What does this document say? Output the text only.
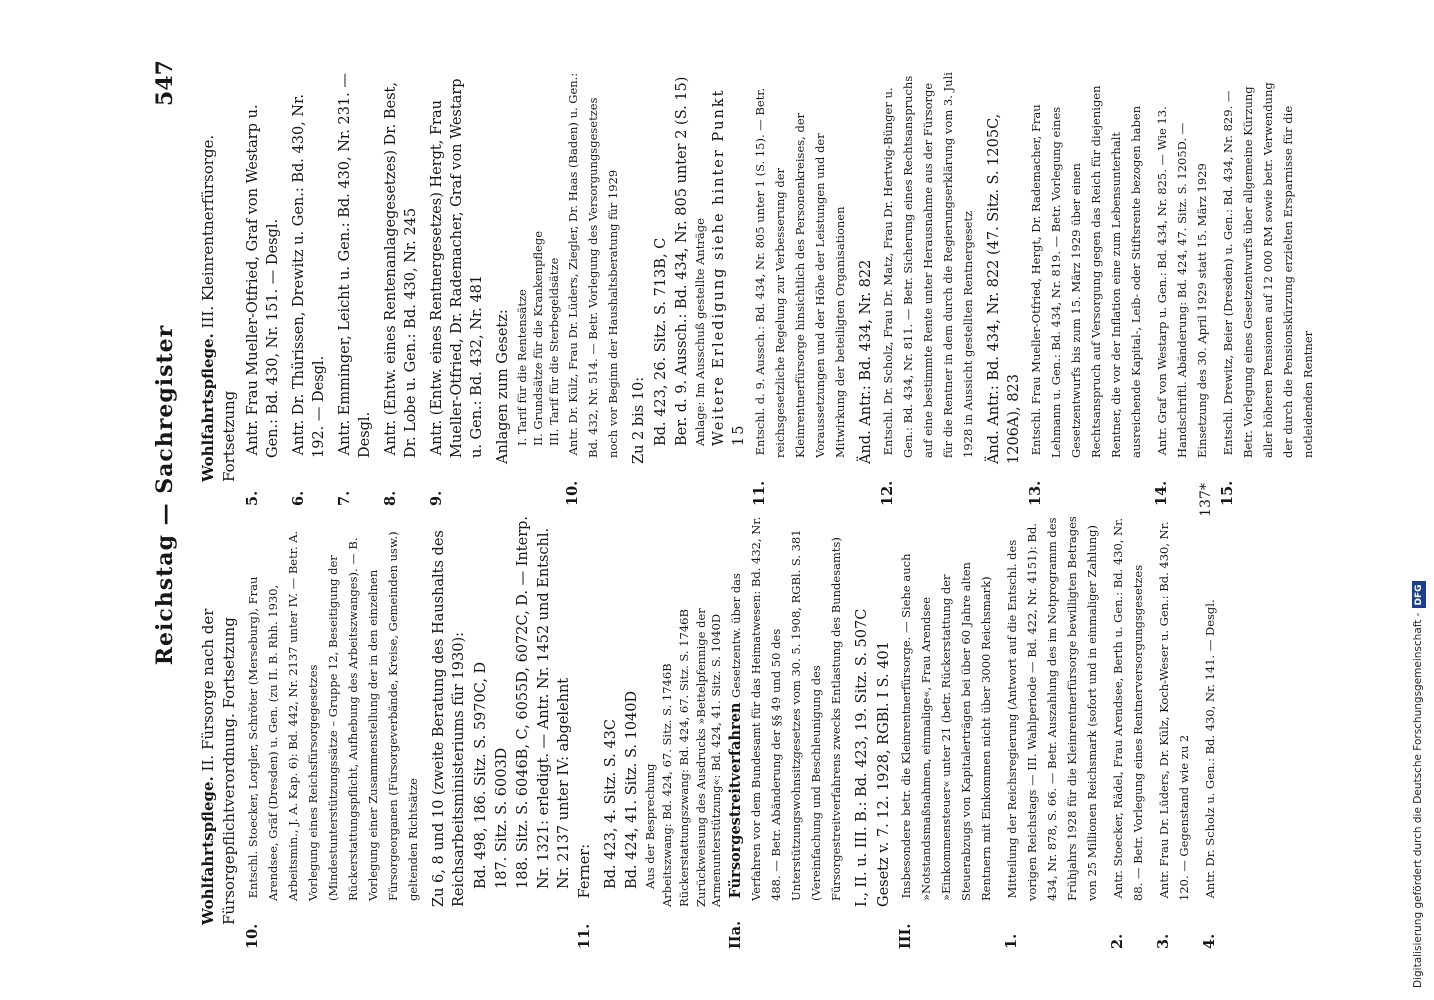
Reichstag — Sachregister
547
Wohlfahrtspflege. II. Fürsorge nach der Fürsorgepflichtverordnung. Fortsetzung
10. Entschl. Stoecker, Lorgler, Schröter (Merseburg), Frau Arendsee, Gräf (Dresden) u. Gen. (zu II. B. Rhh. 1930, Arbeitsmin., J. A. Kap. 6): Bd. 442, Nr. 2137 unter IV. — Betr. A. Vorlegung eines Reichsfürsorgegesetzes (Mindestunterstützungssätze – Gruppe 12, Beseitigung der Rückerstattungspflicht, Aufhebung des Arbeitszwanges). — B. Vorlegung einer Zusammenstellung der in den einzelnen Fürsorgeorganen (Fürsorgeverbände, Kreise, Gemeinden usw.) geltenden Richtsätze Zu 6, 8 und 10 (zweite Beratung des Haushalts des Reichsarbeitsministeriums für 1930): Bd. 498, 186. Sitz. S. 5970C, D 187. Sitz. S. 6003D 188. Sitz. S. 6046B, C, 6055D, 6072C, D. — Interp. Nr. 1321: erledigt. — Antr. Nr. 1452 und Entschl. Nr. 2137 unter IV: abgelehnt
11. Ferner: Bd. 423, 4. Sitz. S. 43C Bd. 424, 41. Sitz. S. 1040D Aus der Besprechung Arbeitszwang: Bd. 424, 67. Sitz. S. 1746B Rückerstattungszwang: Bd. 424, 67. Sitz. S. 1746B Zurückweisung des Ausdrucks »Bettelpfennige der Armenunterstützung«: Bd. 424, 41. Sitz. S. 1040D
IIa. Fürsorgestreitverfahren Gesetzentw. über das Verfahren vor dem Bundesamt für das Heimatwesen: Bd. 432, Nr. 488. — Betr. Abänderung der §§ 49 und 50 des Unterstützungswohnsitzgesetzes vom 30. 5. 1908, RGBl. S. 381 (Vereinfachung und Beschleunigung des Fürsorgestreitverfahrens zwecks Entlastung des Bundesamts) I., II. u. III. B.: Bd. 423, 19. Sitz. S. 507C Gesetz v. 7. 12. 1928, RGBl. I S. 401
III. Insbesondere betr. die Kleinrentnerfürsorge. — Siehe auch »Notstandsmaßnahmen, einmalige«, Frau Arendsee »Einkommensteuer« unter 21 (betr. Rückerstattung der Steuerabzugs von Kapitalerträgen bei über 60 Jahre alten Rentnern mit Einkommen nicht über 3000 Reichsmark)
1. Mitteilung der Reichsregierung (Antwort auf die Entschl. des vorigen Reichstags — III. Wahlperiode — Bd. 422, Nr. 4151): Bd. 434, Nr. 878, S. 66. — Betr. Auszahlung des im Notprogramm des Frühjahrs 1928 für die Kleinrentnerfürsorge bewilligten Betrages von 25 Millionen Reichsmark (sofort und in einmaliger Zahlung)
2. Antr. Stoecker, Rädel, Frau Arendsee, Berth u. Gen.: Bd. 430, Nr. 88. — Betr. Vorlegung eines Rentnerversorgungsgesetzes
3. Antr. Frau Dr. Lüders, Dr. Külz, Koch-Weser u. Gen.: Bd. 430, Nr. 120. — Gegenstand wie zu 2
4. Antr. Dr. Scholz u. Gen.: Bd. 430, Nr. 141. — Desgl.
Wohlfahrtspflege. III. Kleinrentnerfürsorge. Fortsetzung
5. Antr. Frau Mueller-Otfried, Graf von Westarp u. Gen.: Bd. 430, Nr. 151. — Desgl.
6. Antr. Dr. Thürissen, Drewitz u. Gen.: Bd. 430, Nr. 192. — Desgl.
7. Antr. Emminger, Leicht u. Gen.: Bd. 430, Nr. 231. — Desgl.
8. Antr. (Entw. eines Rentenanlagegesetzes) Dr. Best, Dr. Lobe u. Gen.: Bd. 430, Nr. 245
9. Antr. (Entw. eines Rentnergesetzes) Hergt, Frau Mueller-Otfried, Dr. Rademacher, Graf von Westarp u. Gen.: Bd. 432, Nr. 481 Anlagen zum Gesetz: I. Tarif für die Rentensätze II. Grundsätze für die Krankenpflege III. Tarif für die Sterbegeldsätze
10. Antr. Dr. Külz, Frau Dr. Lüders, Ziegler, Dr. Haas (Baden) u. Gen.: Bd. 432, Nr. 514. — Betr. Vorlegung des Versorgungsgesetzes noch vor Beginn der Haushaltsberatung für 1929 Zu 2 bis 10: Bd. 423, 26. Sitz. S. 713B, C Ber. d. 9. Aussch.: Bd. 434, Nr. 805 unter 2 (S. 15) Anlage: Im Ausschuß gestellte Anträge Weitere Erledigung siehe hinter Punkt 15
11. Entschl. d. 9. Aussch.: Bd. 434, Nr. 805 unter 1 (S. 15). — Betr. reichsgesetzliche Regelung zur Verbesserung der Kleinrentnerfürsorge hinsichtlich des Personenkreises, der Voraussetzungen und der Höhe der Leistungen und der Mitwirkung der beteiligten Organisationen Änd. Antr.: Bd. 434, Nr. 822
12. Entschl. Dr. Scholz, Frau Dr. Matz, Frau Dr. Hertwig-Bünger u. Gen.: Bd. 434, Nr. 811. — Betr. Sicherung eines Rechtsanspruchs auf eine bestimmte Rente unter Herausnahme aus der Fürsorge für die Rentner in dem durch die Regierungserklärung vom 3. Juli 1928 in Aussicht gestellten Rentnergesetz Änd. Antr.: Bd. 434, Nr. 822 (47. Sitz. S. 1205C, 1206A), 823
13. Entschl. Frau Mueller-Otfried, Hergt, Dr. Rademacher, Frau Lehmann u. Gen.: Bd. 434, Nr. 819. — Betr. Vorlegung eines Gesetzentwurfs bis zum 15. März 1929 über einen Rechtsanspruch auf Versorgung gegen das Reich für diejenigen Rentner, die vor der Inflation eine zum Lebensunterhalt ausreichende Kapital-, Leib- oder Stiftsrente bezogen haben
14. Antr. Graf von Westarp u. Gen.: Bd. 434, Nr. 825. — Wie 13. Handschriftl. Abänderung: Bd. 424, 47. Sitz. S. 1205D. — Einsetzung des 30. April 1929 statt 15. März 1929
15. Entschl. Drewitz, Beier (Dresden) u. Gen.: Bd. 434, Nr. 829. — Betr. Vorlegung eines Gesetzentwurfs über allgemeine Kürzung aller höheren Pensionen auf 12 000 RM sowie betr. Verwendung der durch die Pensionskürzung erzielten Ersparnisse für die notleidenden Rentner
137*
Digitalisierung gefördert durch die Deutsche Forschungsgemeinschaft -DFG
